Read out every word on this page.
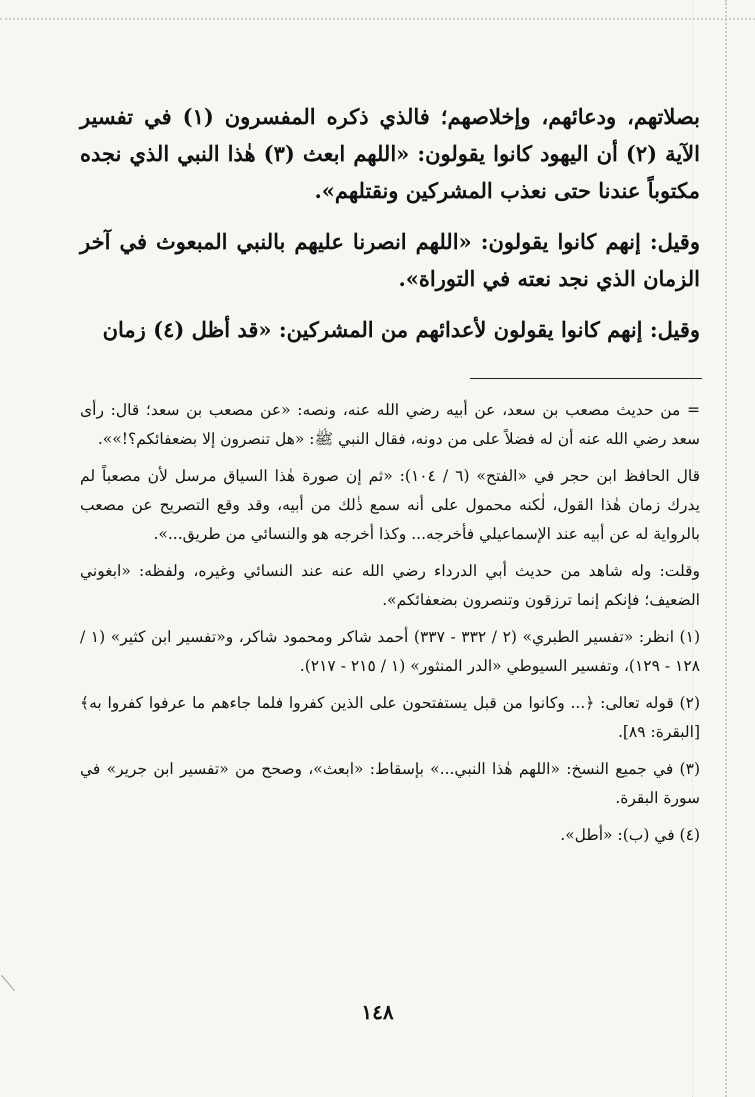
بصلاتهم، ودعائهم، وإخلاصهم؛ فالذي ذكره المفسرون (١) في تفسير الآية (٢) أن اليهود كانوا يقولون: «اللهم ابعث (٣) هٰذا النبي الذي نجده مكتوباً عندنا حتى نعذب المشركين ونقتلهم».

وقيل: إنهم كانوا يقولون: «اللهم انصرنا عليهم بالنبي المبعوث في آخر الزمان الذي نجد نعته في التوراة».

وقيل: إنهم كانوا يقولون لأعدائهم من المشركين: «قد أظل (٤) زمان

= من حديث مصعب بن سعد، عن أبيه رضي الله عنه، ونصه: «عن مصعب بن سعد؛ قال: رأى سعد رضي الله عنه أن له فضلاً على من دونه، فقال النبي ﷺ: «هل تنصرون إلا بضعفائكم؟!»».

قال الحافظ ابن حجر في «الفتح» (٦ / ١٠٤): «ثم إن صورة هٰذا السياق مرسل لأن مصعباً لم يدرك زمان هٰذا القول، لٰكنه محمول على أنه سمع ذٰلك من أبيه، وقد وقع التصريح عن مصعب بالرواية له عن أبيه عند الإسماعيلي فأخرجه... وكذا أخرجه هو والنسائي من طريق...».

وقلت: وله شاهد من حديث أبي الدرداء رضي الله عنه عند النسائي وغيره، ولفظه: «ابغوني الضعيف؛ فإنكم إنما ترزقون وتنصرون بضعفائكم».

(١) انظر: «تفسير الطبري» (٢ / ٣٣٢ - ٣٣٧) أحمد شاكر ومحمود شاكر، و«تفسير ابن كثير» (١ / ١٢٨ - ١٢٩)، وتفسير السيوطي «الدر المنثور» (١ / ٢١٥ - ٢١٧).

(٢) قوله تعالى: ﴿... وكانوا من قبل يستفتحون على الذين كفروا فلما جاءهم ما عرفوا كفروا به﴾ [البقرة: ٨٩].

(٣) في جميع النسخ: «اللهم هٰذا النبي...» بإسقاط: «ابعث»، وصحح من «تفسير ابن جرير» في سورة البقرة.

(٤) في (ب): «أطل».

١٤٨
